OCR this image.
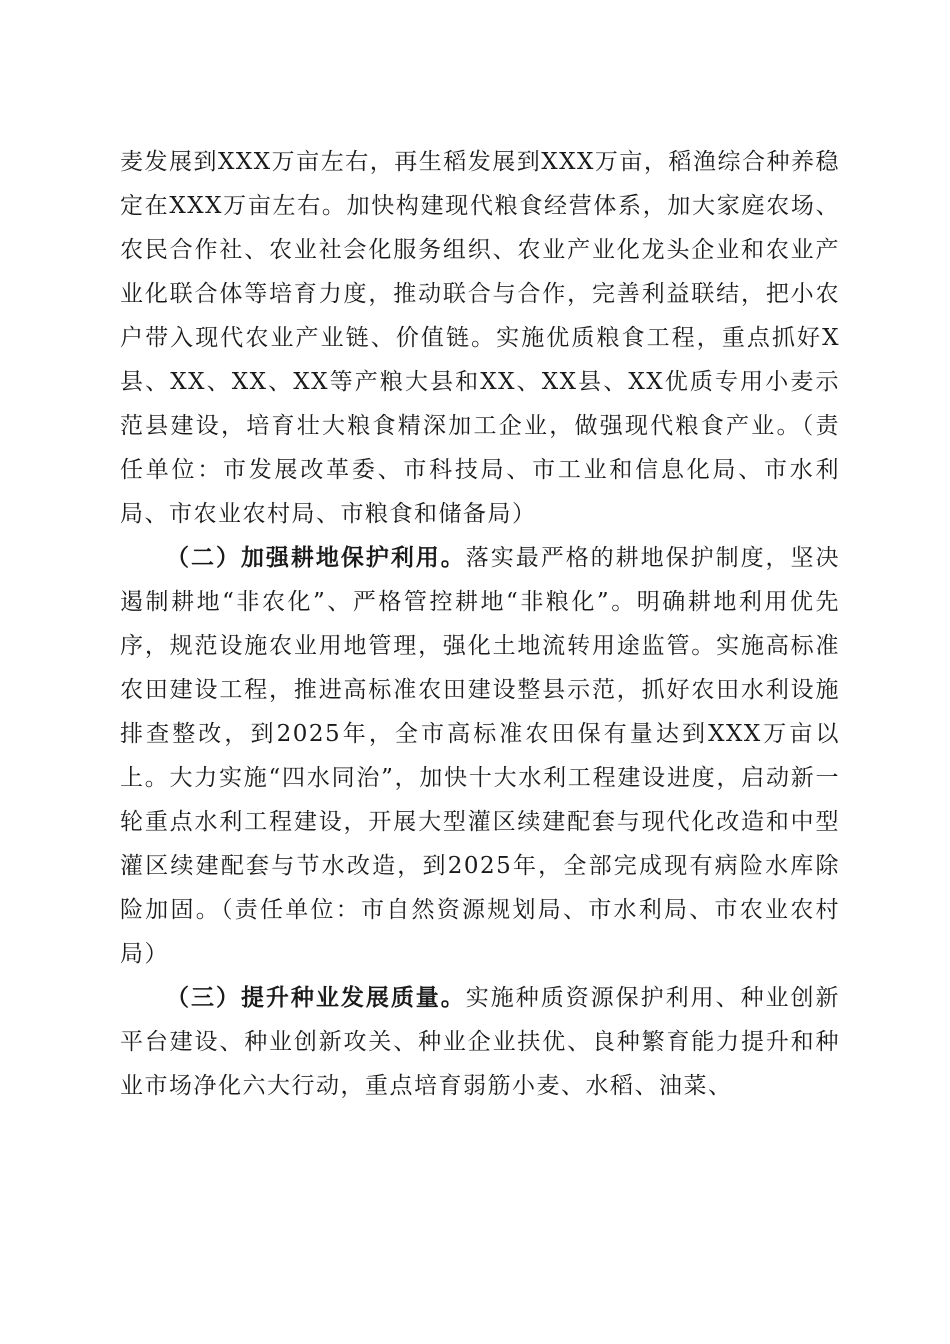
麦发展到XXX万亩左右，再生稻发展到XXX万亩，稻渔综合种养稳定在XXX万亩左右。加快构建现代粮食经营体系，加大家庭农场、农民合作社、农业社会化服务组织、农业产业化龙头企业和农业产业化联合体等培育力度，推动联合与合作，完善利益联结，把小农户带入现代农业产业链、价值链。实施优质粮食工程，重点抓好X县、XX、XX、XX等产粮大县和XX、XX县、XX优质专用小麦示范县建设，培育壮大粮食精深加工企业，做强现代粮食产业。（责任单位：市发展改革委、市科技局、市工业和信息化局、市水利局、市农业农村局、市粮食和储备局）

（二）加强耕地保护利用。落实最严格的耕地保护制度，坚决遏制耕地“非农化”、严格管控耕地“非粮化”。明确耕地利用优先序，规范设施农业用地管理，强化土地流转用途监管。实施高标准农田建设工程，推进高标准农田建设整县示范，抓好农田水利设施排查整改，到2025年，全市高标准农田保有量达到XXX万亩以上。大力实施“四水同治”，加快十大水利工程建设进度，启动新一轮重点水利工程建设，开展大型灌区续建配套与现代化改造和中型灌区续建配套与节水改造，到2025年，全部完成现有病险水库除险加固。（责任单位：市自然资源规划局、市水利局、市农业农村局）

（三）提升种业发展质量。实施种质资源保护利用、种业创新平台建设、种业创新攻关、种业企业扶优、良种繁育能力提升和种业市场净化六大行动，重点培育弱筋小麦、水稻、油菜、
